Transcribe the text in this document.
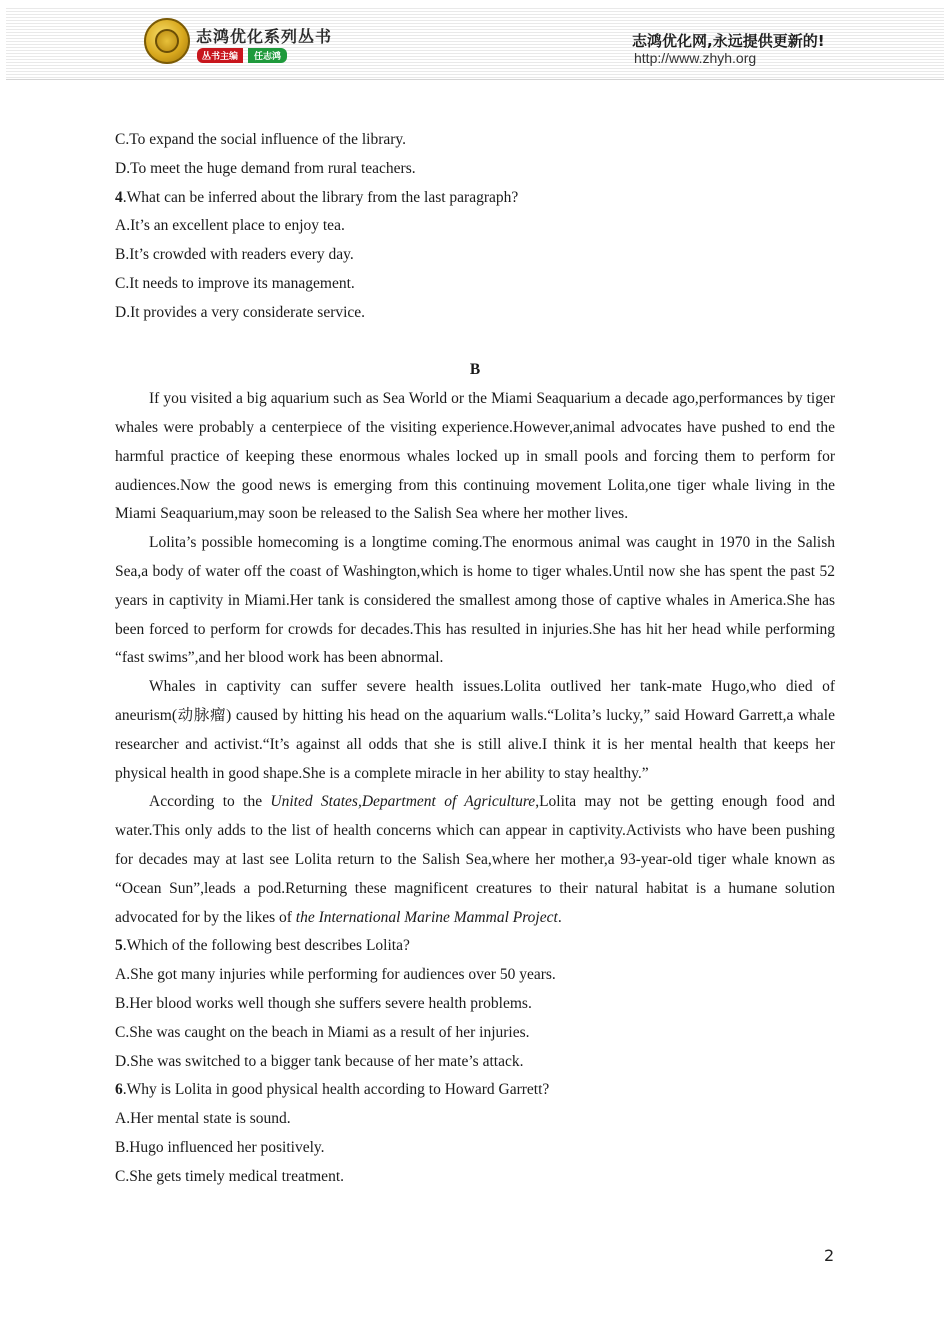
志鸿优化系列丛书
丛书主编	任志鸿
志鸿优化网,永远提供更新的!
http://www.zhyh.org
C.To expand the social influence of the library.
D.To meet the huge demand from rural teachers.
4.What can be inferred about the library from the last paragraph?
A.It’s an excellent place to enjoy tea.
B.It’s crowded with readers every day.
C.It needs to improve its management.
D.It provides a very considerate service.
B

If you visited a big aquarium such as Sea World or the Miami Seaquarium a decade ago,performances by tiger whales were probably a centerpiece of the visiting experience.However,animal advocates have pushed to end the harmful practice of keeping these enormous whales locked up in small pools and forcing them to perform for audiences.Now the good news is emerging from this continuing movement Lolita,one tiger whale living in the Miami Seaquarium,may soon be released to the Salish Sea where her mother lives.

Lolita’s possible homecoming is a longtime coming.The enormous animal was caught in 1970 in the Salish Sea,a body of water off the coast of Washington,which is home to tiger whales.Until now she has spent the past 52 years in captivity in Miami.Her tank is considered the smallest among those of captive whales in America.She has been forced to perform for crowds for decades.This has resulted in injuries.She has hit her head while performing “fast swims”,and her blood work has been abnormal.

Whales in captivity can suffer severe health issues.Lolita outlived her tank-mate Hugo,who died of aneurism(动脉瘤) caused by hitting his head on the aquarium walls.“Lolita’s lucky,” said Howard Garrett,a whale researcher and activist.“It’s against all odds that she is still alive.I think it is her mental health that keeps her physical health in good shape.She is a complete miracle in her ability to stay healthy.”

According to the United States,Department of Agriculture,Lolita may not be getting enough food and water.This only adds to the list of health concerns which can appear in captivity.Activists who have been pushing for decades may at last see Lolita return to the Salish Sea,where her mother,a 93-year-old tiger whale known as “Ocean Sun”,leads a pod.Returning these magnificent creatures to their natural habitat is a humane solution advocated for by the likes of the International Marine Mammal Project.

5.Which of the following best describes Lolita?
A.She got many injuries while performing for audiences over 50 years.
B.Her blood works well though she suffers severe health problems.
C.She was caught on the beach in Miami as a result of her injuries.
D.She was switched to a bigger tank because of her mate’s attack.
6.Why is Lolita in good physical health according to Howard Garrett?
A.Her mental state is sound.
B.Hugo influenced her positively.
C.She gets timely medical treatment.
2
